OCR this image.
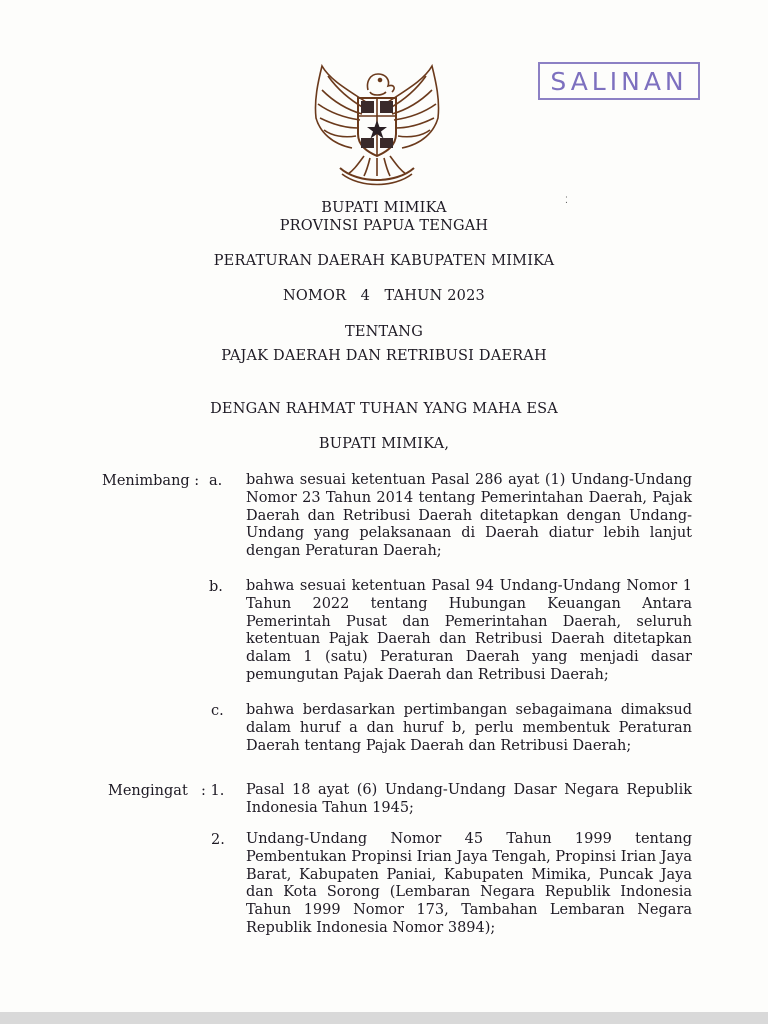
SALINAN
⁚
BUPATI MIMIKA
PROVINSI PAPUA TENGAH
PERATURAN DAERAH KABUPATEN MIMIKA
NOMOR   4   TAHUN 2023
TENTANG
PAJAK DAERAH DAN RETRIBUSI DAERAH
DENGAN RAHMAT TUHAN YANG MAHA ESA
BUPATI MIMIKA,
Menimbang : a. bahwa sesuai ketentuan Pasal 286 ayat (1) Undang-Undang Nomor 23 Tahun 2014 tentang Pemerintahan Daerah, Pajak Daerah dan Retribusi Daerah ditetapkan dengan Undang-Undang yang pelaksanaan di Daerah diatur lebih lanjut dengan Peraturan Daerah;
b. bahwa sesuai ketentuan Pasal 94 Undang-Undang Nomor 1 Tahun 2022 tentang Hubungan Keuangan Antara Pemerintah Pusat dan Pemerintahan Daerah, seluruh ketentuan Pajak Daerah dan Retribusi Daerah ditetapkan dalam 1 (satu) Peraturan Daerah yang menjadi dasar pemungutan Pajak Daerah dan Retribusi Daerah;
c. bahwa berdasarkan pertimbangan sebagaimana dimaksud dalam huruf a dan huruf b, perlu membentuk Peraturan Daerah tentang Pajak Daerah dan Retribusi Daerah;
Mengingat : 1. Pasal 18 ayat (6) Undang-Undang Dasar Negara Republik Indonesia Tahun 1945;
2. Undang-Undang Nomor 45 Tahun 1999 tentang Pembentukan Propinsi Irian Jaya Tengah, Propinsi Irian Jaya Barat, Kabupaten Paniai, Kabupaten Mimika, Puncak Jaya dan Kota Sorong (Lembaran Negara Republik Indonesia Tahun 1999 Nomor 173, Tambahan Lembaran Negara Republik Indonesia Nomor 3894);
